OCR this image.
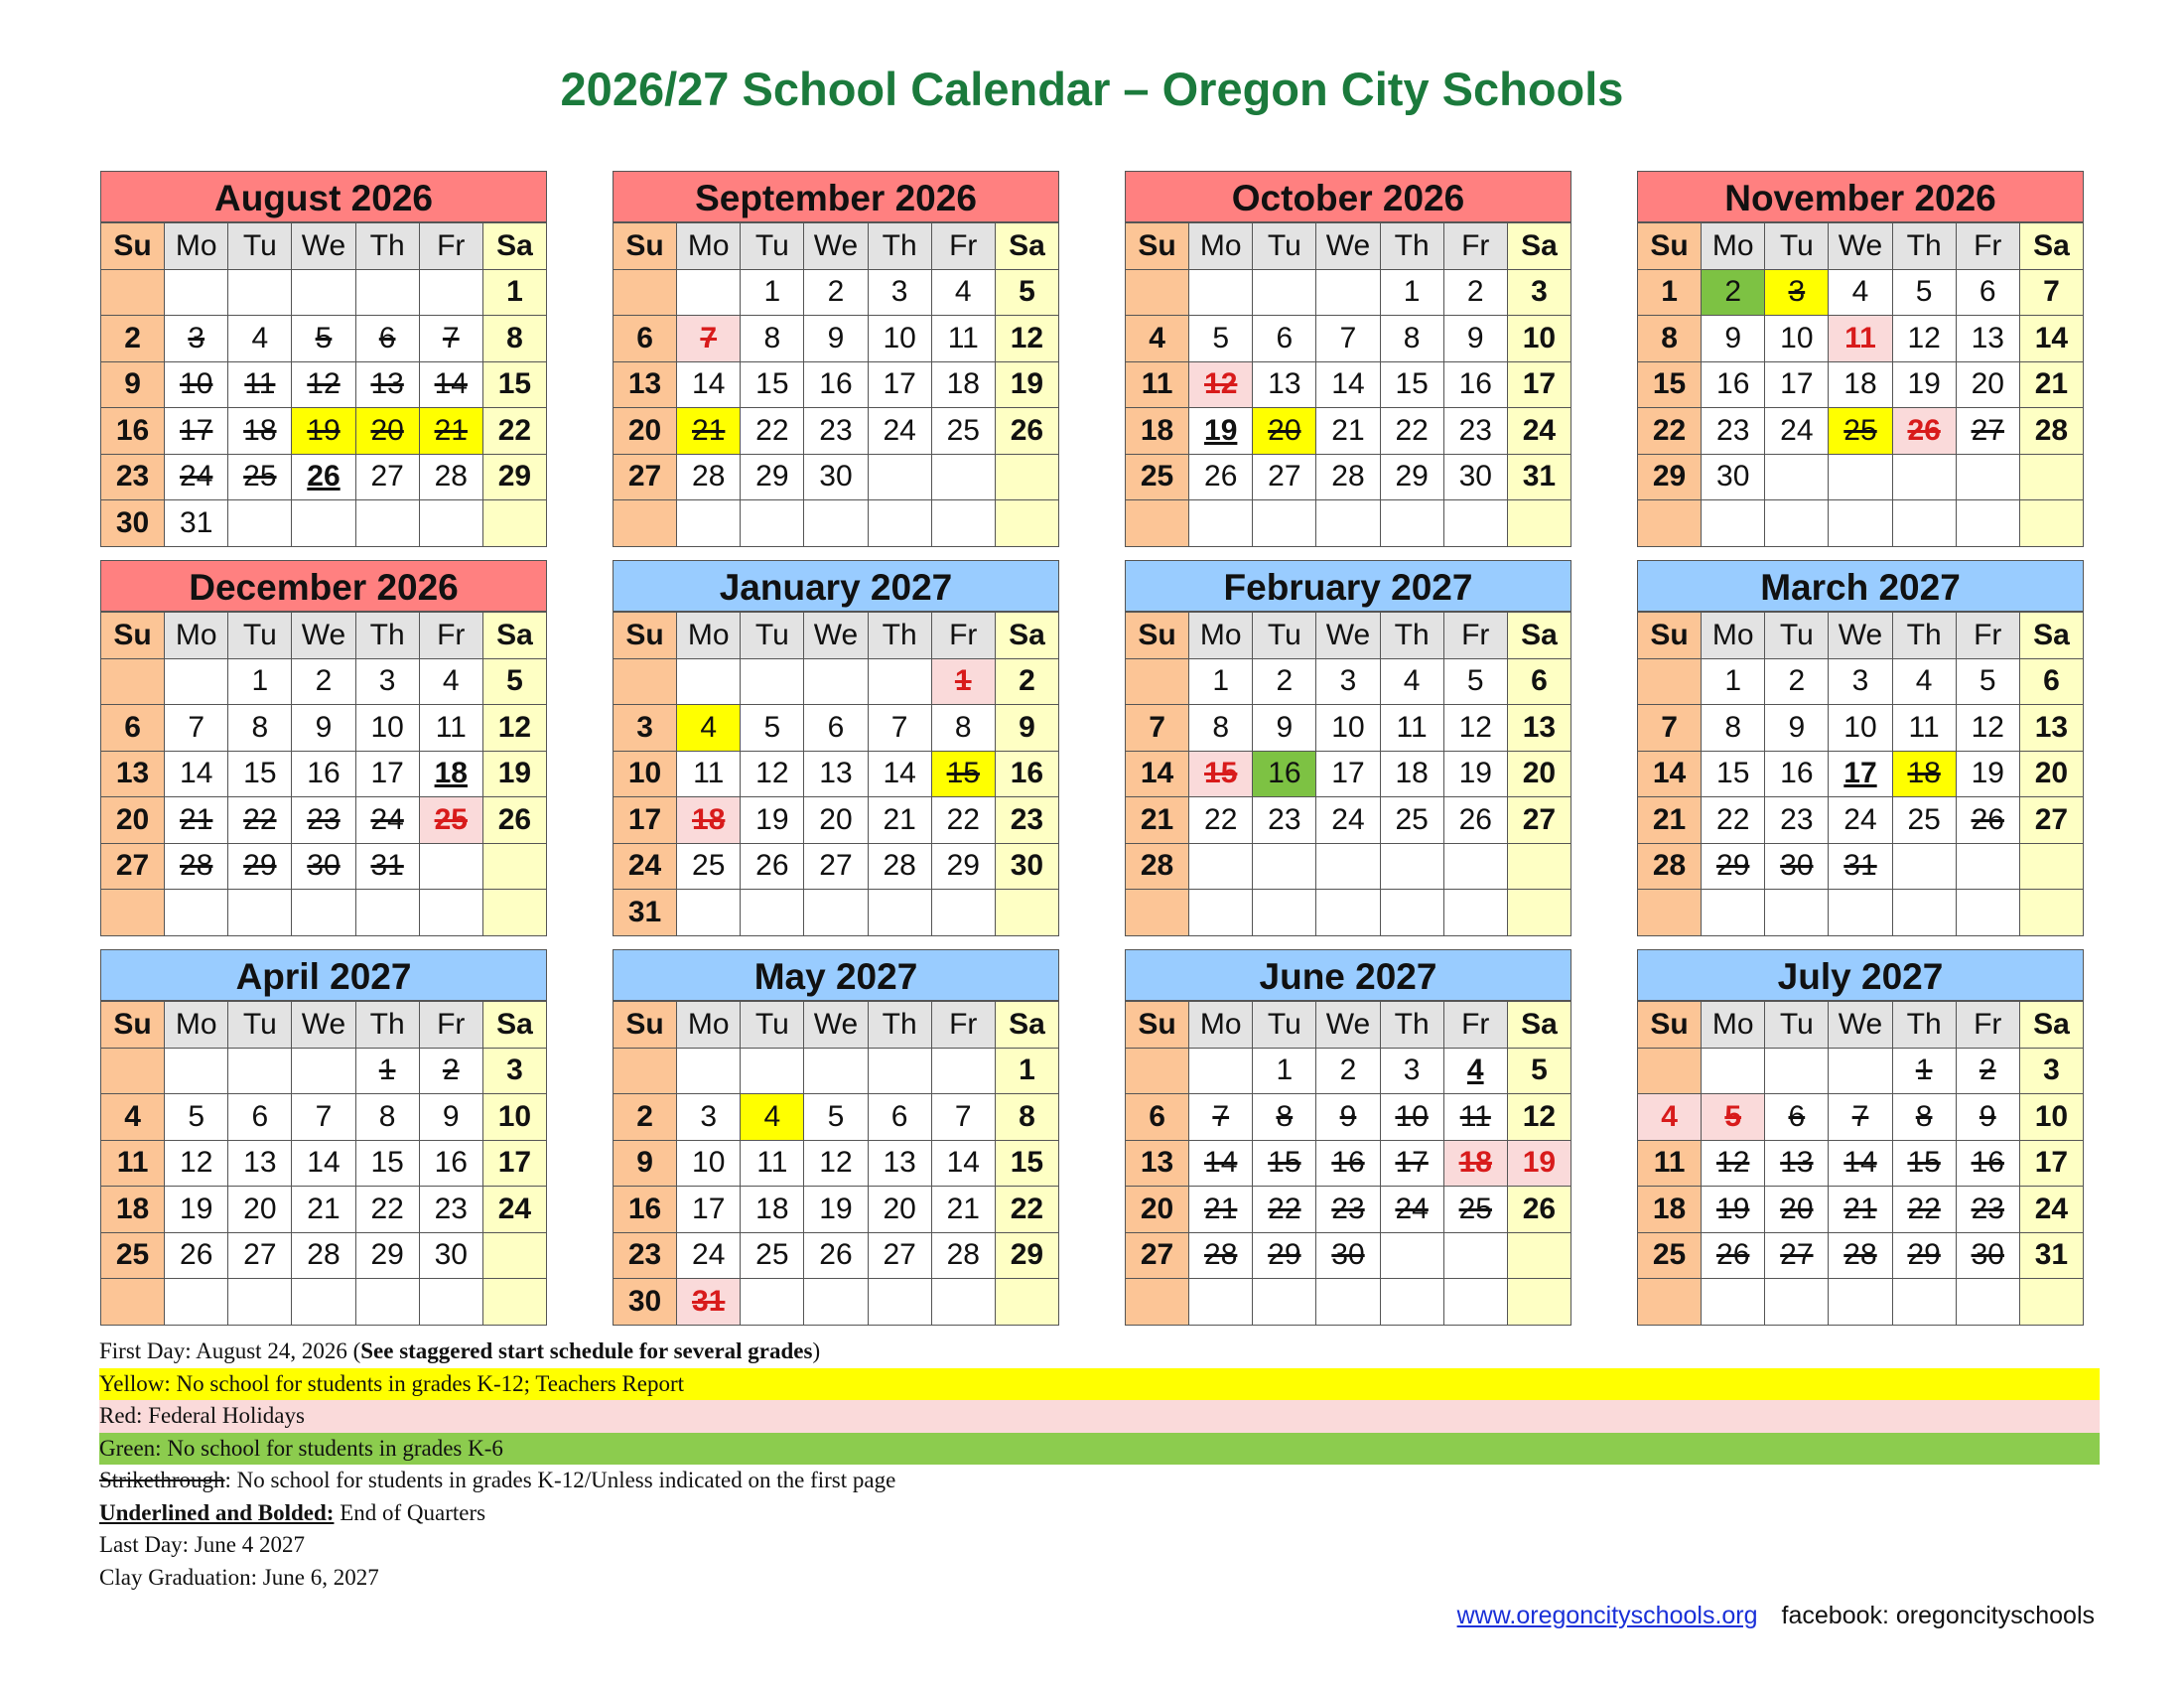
2026/27 School Calendar – Oregon City Schools
August 2026
Su	Mo	Tu	We	Th	Fr	Sa
						1
2	3	4	5	6	7	8
9	10	11	12	13	14	15
16	17	18	19	20	21	22
23	24	25	26	27	28	29
30	31					
September 2026
Su	Mo	Tu	We	Th	Fr	Sa
		1	2	3	4	5
6	7	8	9	10	11	12
13	14	15	16	17	18	19
20	21	22	23	24	25	26
27	28	29	30			

October 2026
Su	Mo	Tu	We	Th	Fr	Sa
				1	2	3
4	5	6	7	8	9	10
11	12	13	14	15	16	17
18	19	20	21	22	23	24
25	26	27	28	29	30	31

November 2026
Su	Mo	Tu	We	Th	Fr	Sa
1	2	3	4	5	6	7
8	9	10	11	12	13	14
15	16	17	18	19	20	21
22	23	24	25	26	27	28
29	30					

December 2026
Su	Mo	Tu	We	Th	Fr	Sa
		1	2	3	4	5
6	7	8	9	10	11	12
13	14	15	16	17	18	19
20	21	22	23	24	25	26
27	28	29	30	31		

January 2027
Su	Mo	Tu	We	Th	Fr	Sa
					1	2
3	4	5	6	7	8	9
10	11	12	13	14	15	16
17	18	19	20	21	22	23
24	25	26	27	28	29	30
31						
February 2027
Su	Mo	Tu	We	Th	Fr	Sa
	1	2	3	4	5	6
7	8	9	10	11	12	13
14	15	16	17	18	19	20
21	22	23	24	25	26	27
28						

March 2027
Su	Mo	Tu	We	Th	Fr	Sa
	1	2	3	4	5	6
7	8	9	10	11	12	13
14	15	16	17	18	19	20
21	22	23	24	25	26	27
28	29	30	31			

April 2027
Su	Mo	Tu	We	Th	Fr	Sa
				1	2	3
4	5	6	7	8	9	10
11	12	13	14	15	16	17
18	19	20	21	22	23	24
25	26	27	28	29	30	

May 2027
Su	Mo	Tu	We	Th	Fr	Sa
						1
2	3	4	5	6	7	8
9	10	11	12	13	14	15
16	17	18	19	20	21	22
23	24	25	26	27	28	29
30	31					
June 2027
Su	Mo	Tu	We	Th	Fr	Sa
		1	2	3	4	5
6	7	8	9	10	11	12
13	14	15	16	17	18	19
20	21	22	23	24	25	26
27	28	29	30			

July 2027
Su	Mo	Tu	We	Th	Fr	Sa
				1	2	3
4	5	6	7	8	9	10
11	12	13	14	15	16	17
18	19	20	21	22	23	24
25	26	27	28	29	30	31

First Day: August 24, 2026 (See staggered start schedule for several grades)
Yellow: No school for students in grades K-12; Teachers Report
Red: Federal Holidays
Green: No school for students in grades K-6
Strikethrough: No school for students in grades K-12/Unless indicated on the first page
Underlined and Bolded: End of Quarters
Last Day: June 4 2027
Clay Graduation: June 6, 2027
www.oregoncityschools.org facebook: oregoncityschools
